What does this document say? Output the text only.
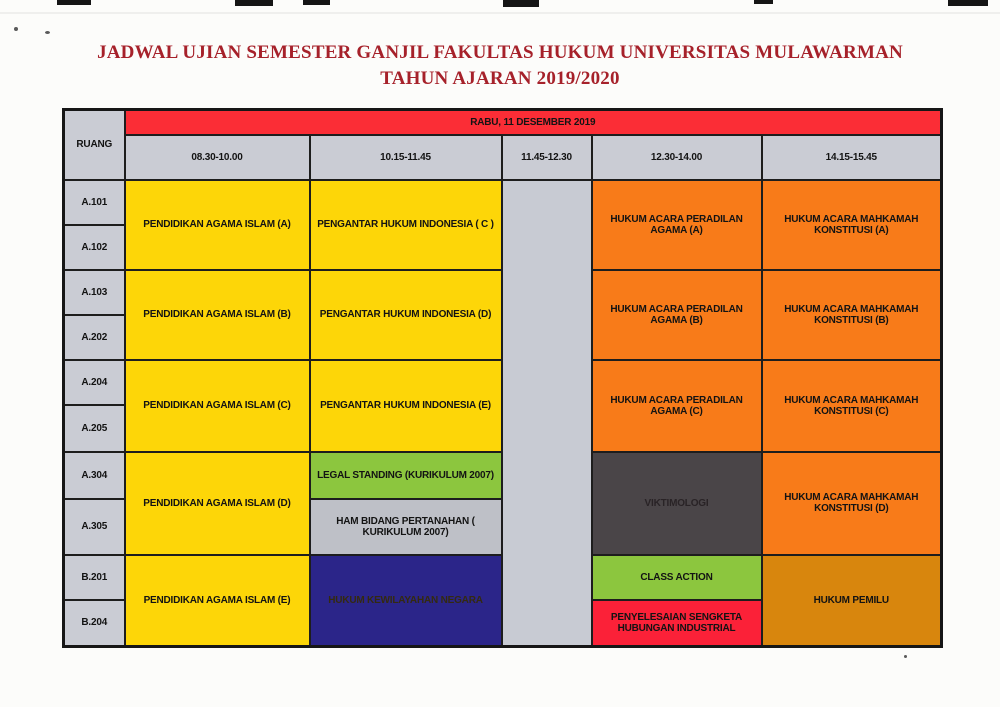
JADWAL UJIAN SEMESTER GANJIL FAKULTAS HUKUM UNIVERSITAS MULAWARMAN
TAHUN AJARAN 2019/2020
RUANG	RABU, 11 DESEMBER 2019				
	08.30-10.00	10.15-11.45	11.45-12.30	12.30-14.00	14.15-15.45
A.101	PENDIDIKAN AGAMA ISLAM (A)	PENGANTAR HUKUM INDONESIA ( C )		HUKUM ACARA PERADILAN AGAMA (A)	HUKUM ACARA MAHKAMAH KONSTITUSI (A)
A.102					
A.103	PENDIDIKAN AGAMA ISLAM (B)	PENGANTAR HUKUM INDONESIA (D)		HUKUM ACARA PERADILAN AGAMA (B)	HUKUM ACARA MAHKAMAH KONSTITUSI (B)
A.202					
A.204	PENDIDIKAN AGAMA ISLAM (C)	PENGANTAR HUKUM INDONESIA (E)		HUKUM ACARA PERADILAN AGAMA (C)	HUKUM ACARA MAHKAMAH KONSTITUSI (C)
A.205					
A.304	PENDIDIKAN AGAMA ISLAM (D)	LEGAL STANDING (KURIKULUM 2007)		VIKTIMOLOGI	HUKUM ACARA MAHKAMAH KONSTITUSI (D)
A.305		HAM BIDANG PERTANAHAN ( KURIKULUM 2007)			
B.201	PENDIDIKAN AGAMA ISLAM (E)	HUKUM KEWILAYAHAN NEGARA		CLASS ACTION	HUKUM PEMILU
B.204				PENYELESAIAN SENGKETA HUBUNGAN INDUSTRIAL	
